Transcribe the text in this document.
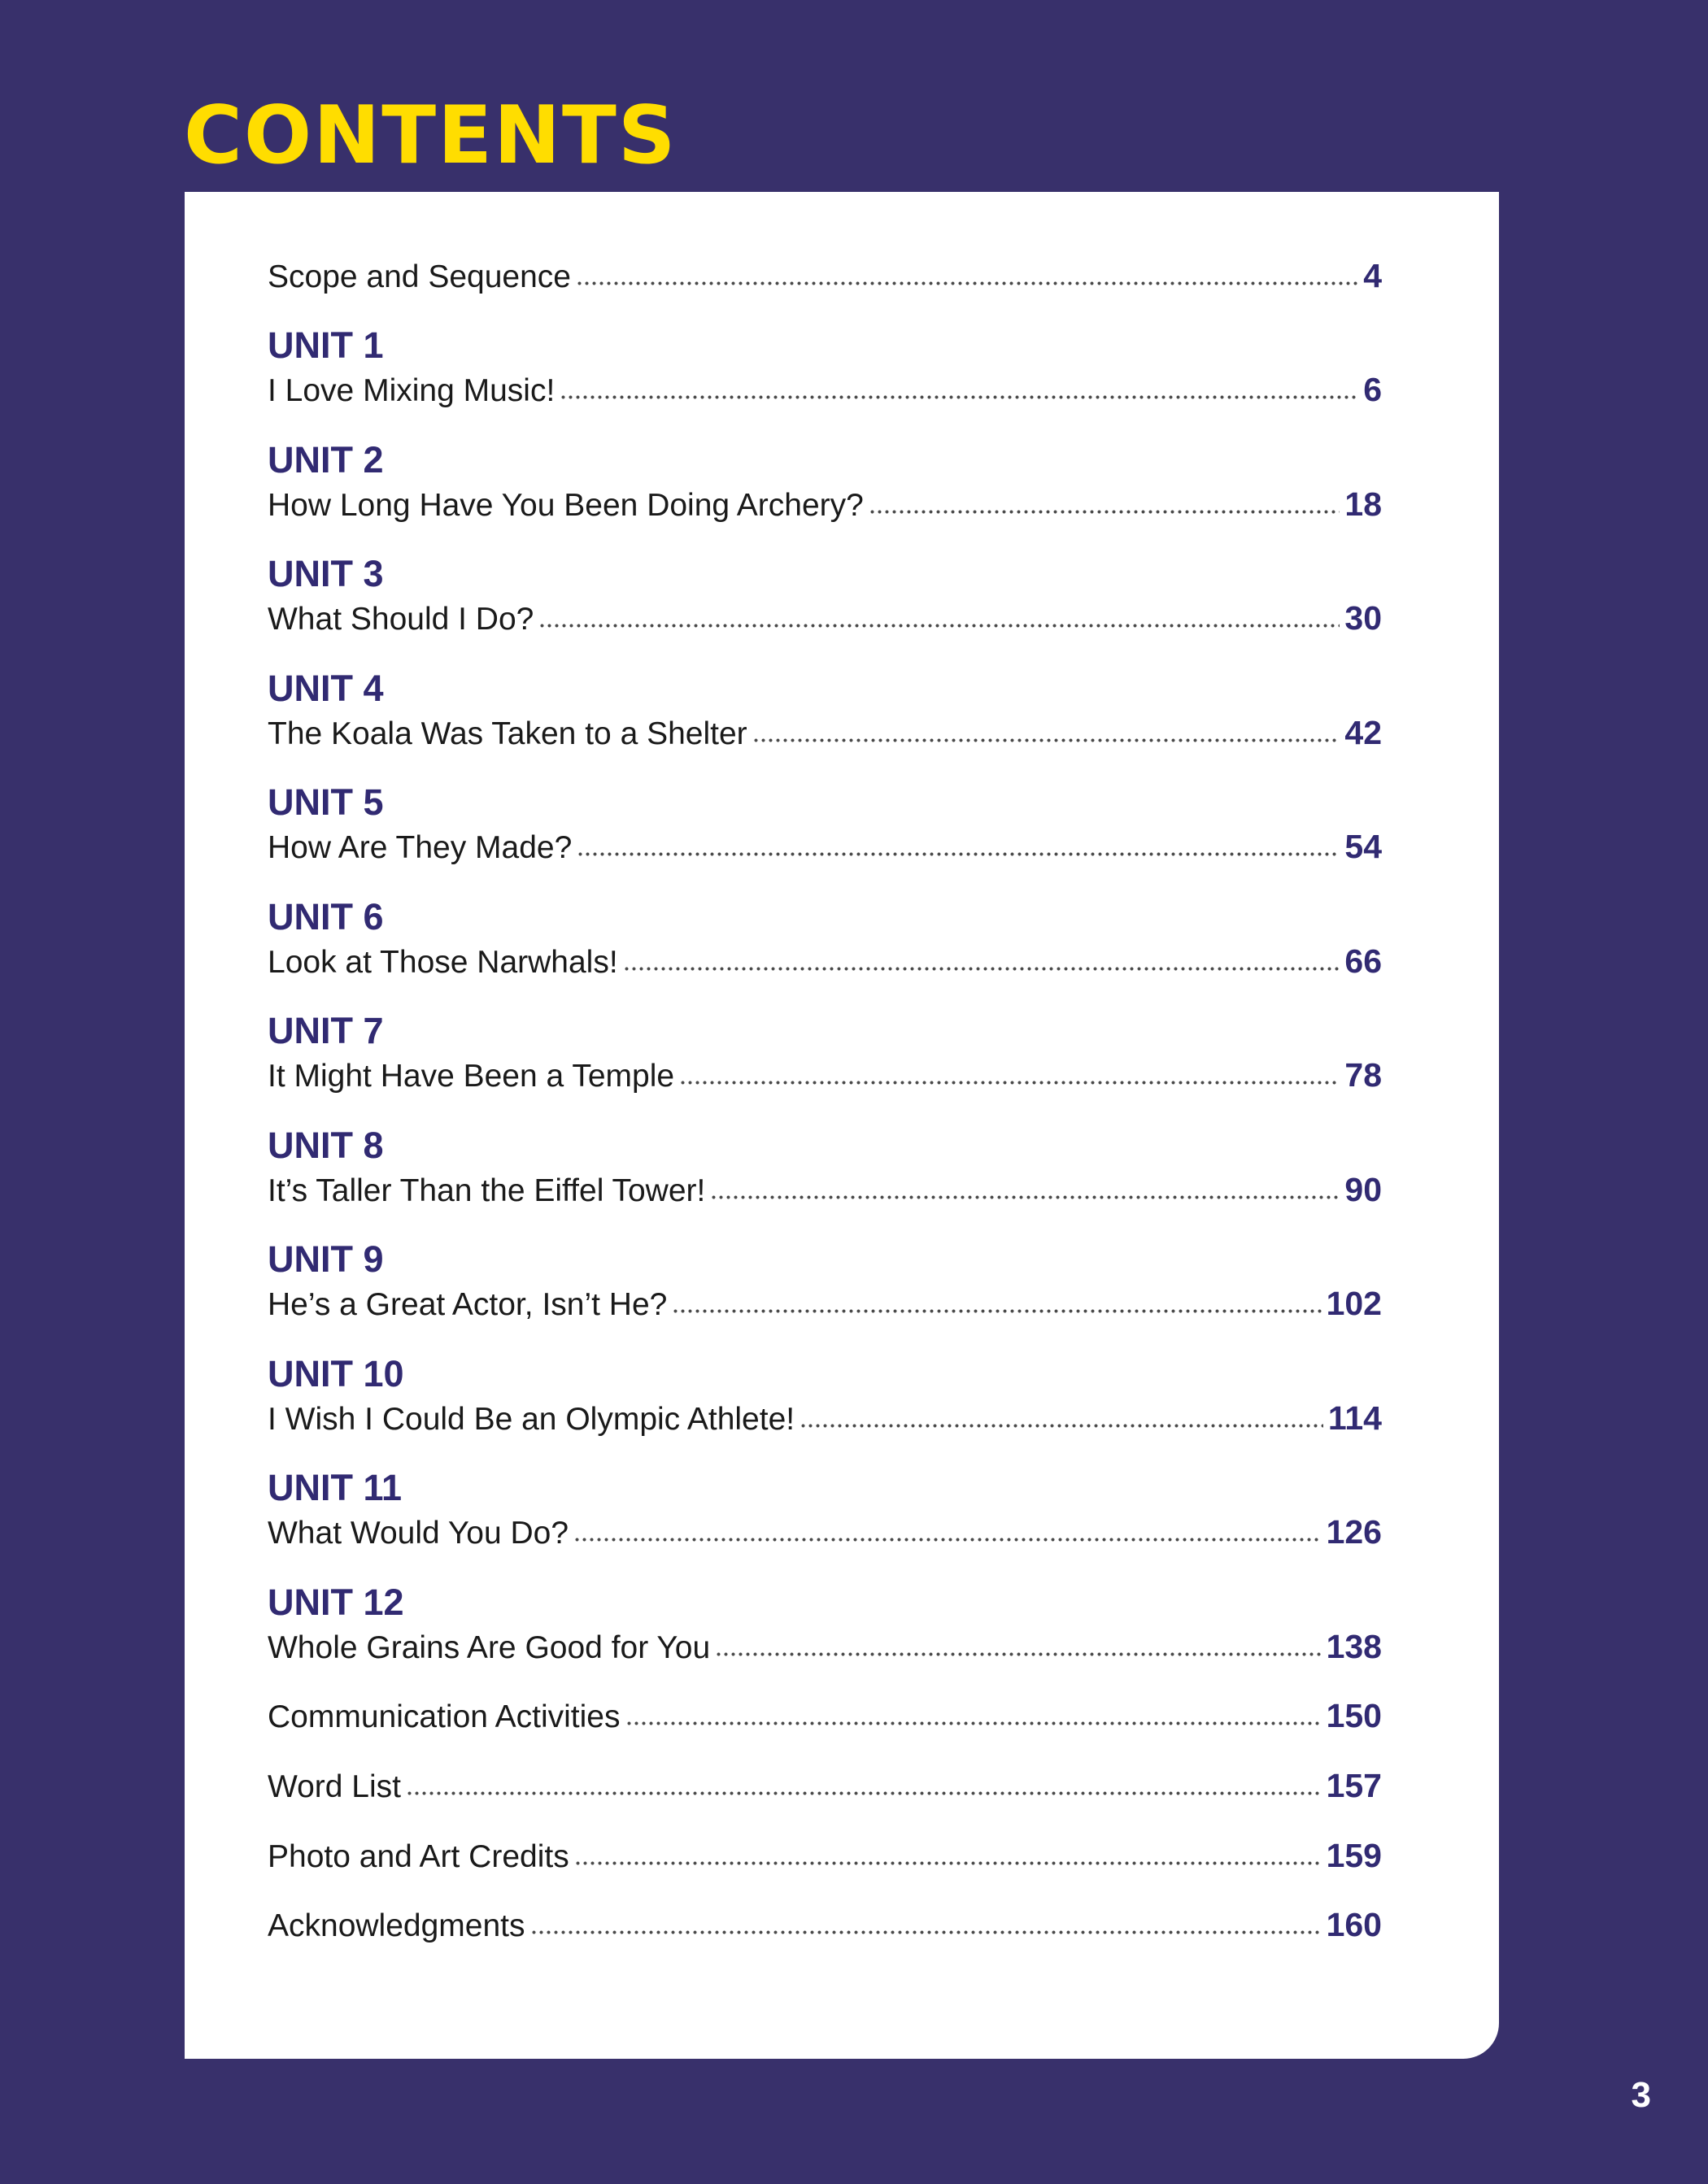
CONTENTS
Scope and Sequence	4
UNIT 1
I Love Mixing Music!	6
UNIT 2
How Long Have You Been Doing Archery?	18
UNIT 3
What Should I Do?	30
UNIT 4
The Koala Was Taken to a Shelter	42
UNIT 5
How Are They Made?	54
UNIT 6
Look at Those Narwhals!	66
UNIT 7
It Might Have Been a Temple	78
UNIT 8
It’s Taller Than the Eiffel Tower!	90
UNIT 9
He’s a Great Actor, Isn’t He?	102
UNIT 10
I Wish I Could Be an Olympic Athlete!	114
UNIT 11
What Would You Do?	126
UNIT 12
Whole Grains Are Good for You	138
Communication Activities	150
Word List	157
Photo and Art Credits	159
Acknowledgments	160
3
